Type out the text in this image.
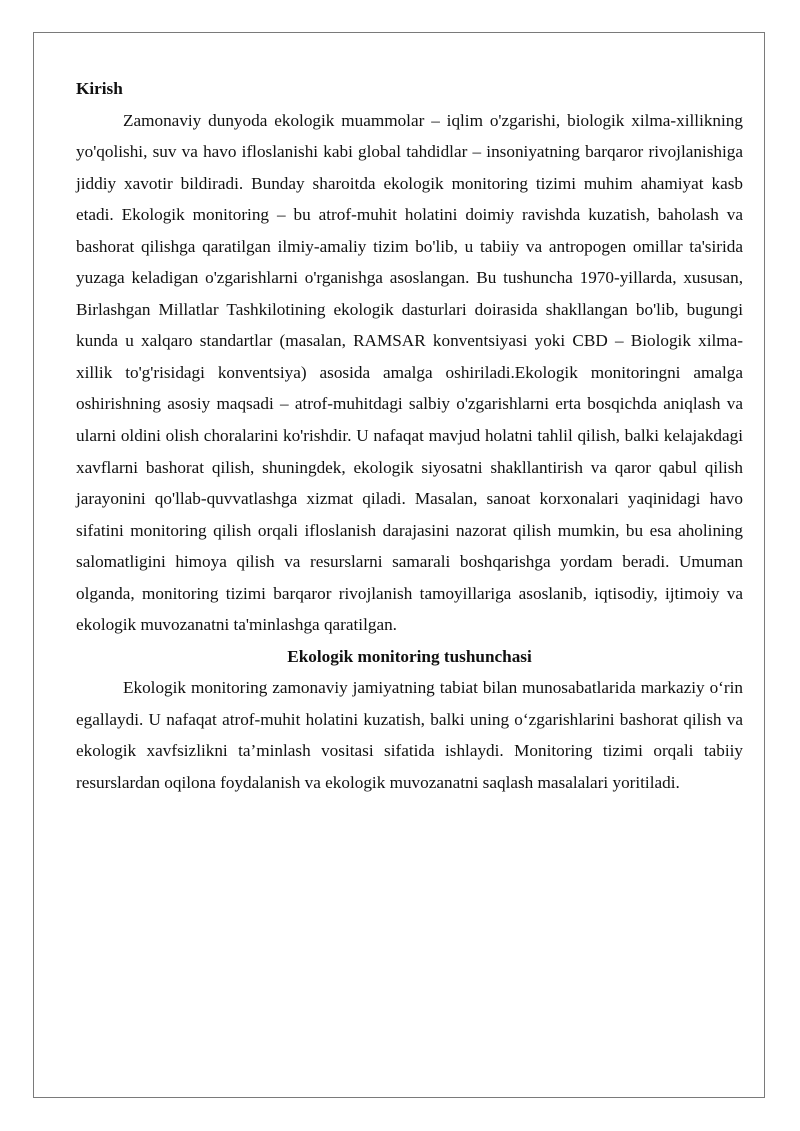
Kirish

Zamonaviy dunyoda ekologik muammolar – iqlim o'zgarishi, biologik xilma-xillikning yo'qolishi, suv va havo ifloslanishi kabi global tahdidlar – insoniyatning barqaror rivojlanishiga jiddiy xavotir bildiradi. Bunday sharoitda ekologik monitoring tizimi muhim ahamiyat kasb etadi. Ekologik monitoring – bu atrof-muhit holatini doimiy ravishda kuzatish, baholash va bashorat qilishga qaratilgan ilmiy-amaliy tizim bo'lib, u tabiiy va antropogen omillar ta'sirida yuzaga keladigan o'zgarishlarni o'rganishga asoslangan. Bu tushuncha 1970-yillarda, xususan, Birlashgan Millatlar Tashkilotining ekologik dasturlari doirasida shakllangan bo'lib, bugungi kunda u xalqaro standartlar (masalan, RAMSAR konventsiyasi yoki CBD – Biologik xilma-xillik to'g'risidagi konventsiya) asosida amalga oshiriladi.Ekologik monitoringni amalga oshirishning asosiy maqsadi – atrof-muhitdagi salbiy o'zgarishlarni erta bosqichda aniqlash va ularni oldini olish choralarini ko'rishdir. U nafaqat mavjud holatni tahlil qilish, balki kelajakdagi xavflarni bashorat qilish, shuningdek, ekologik siyosatni shakllantirish va qaror qabul qilish jarayonini qo'llab-quvvatlashga xizmat qiladi. Masalan, sanoat korxonalari yaqinidagi havo sifatini monitoring qilish orqali ifloslanish darajasini nazorat qilish mumkin, bu esa aholining salomatligini himoya qilish va resurslarni samarali boshqarishga yordam beradi. Umuman olganda, monitoring tizimi barqaror rivojlanish tamoyillariga asoslanib, iqtisodiy, ijtimoiy va ekologik muvozanatni ta'minlashga qaratilgan.

Ekologik monitoring tushunchasi

Ekologik monitoring zamonaviy jamiyatning tabiat bilan munosabatlarida markaziy o‘rin egallaydi. U nafaqat atrof-muhit holatini kuzatish, balki uning o‘zgarishlarini bashorat qilish va ekologik xavfsizlikni ta’minlash vositasi sifatida ishlaydi. Monitoring tizimi orqali tabiiy resurslardan oqilona foydalanish va ekologik muvozanatni saqlash masalalari yoritiladi.
